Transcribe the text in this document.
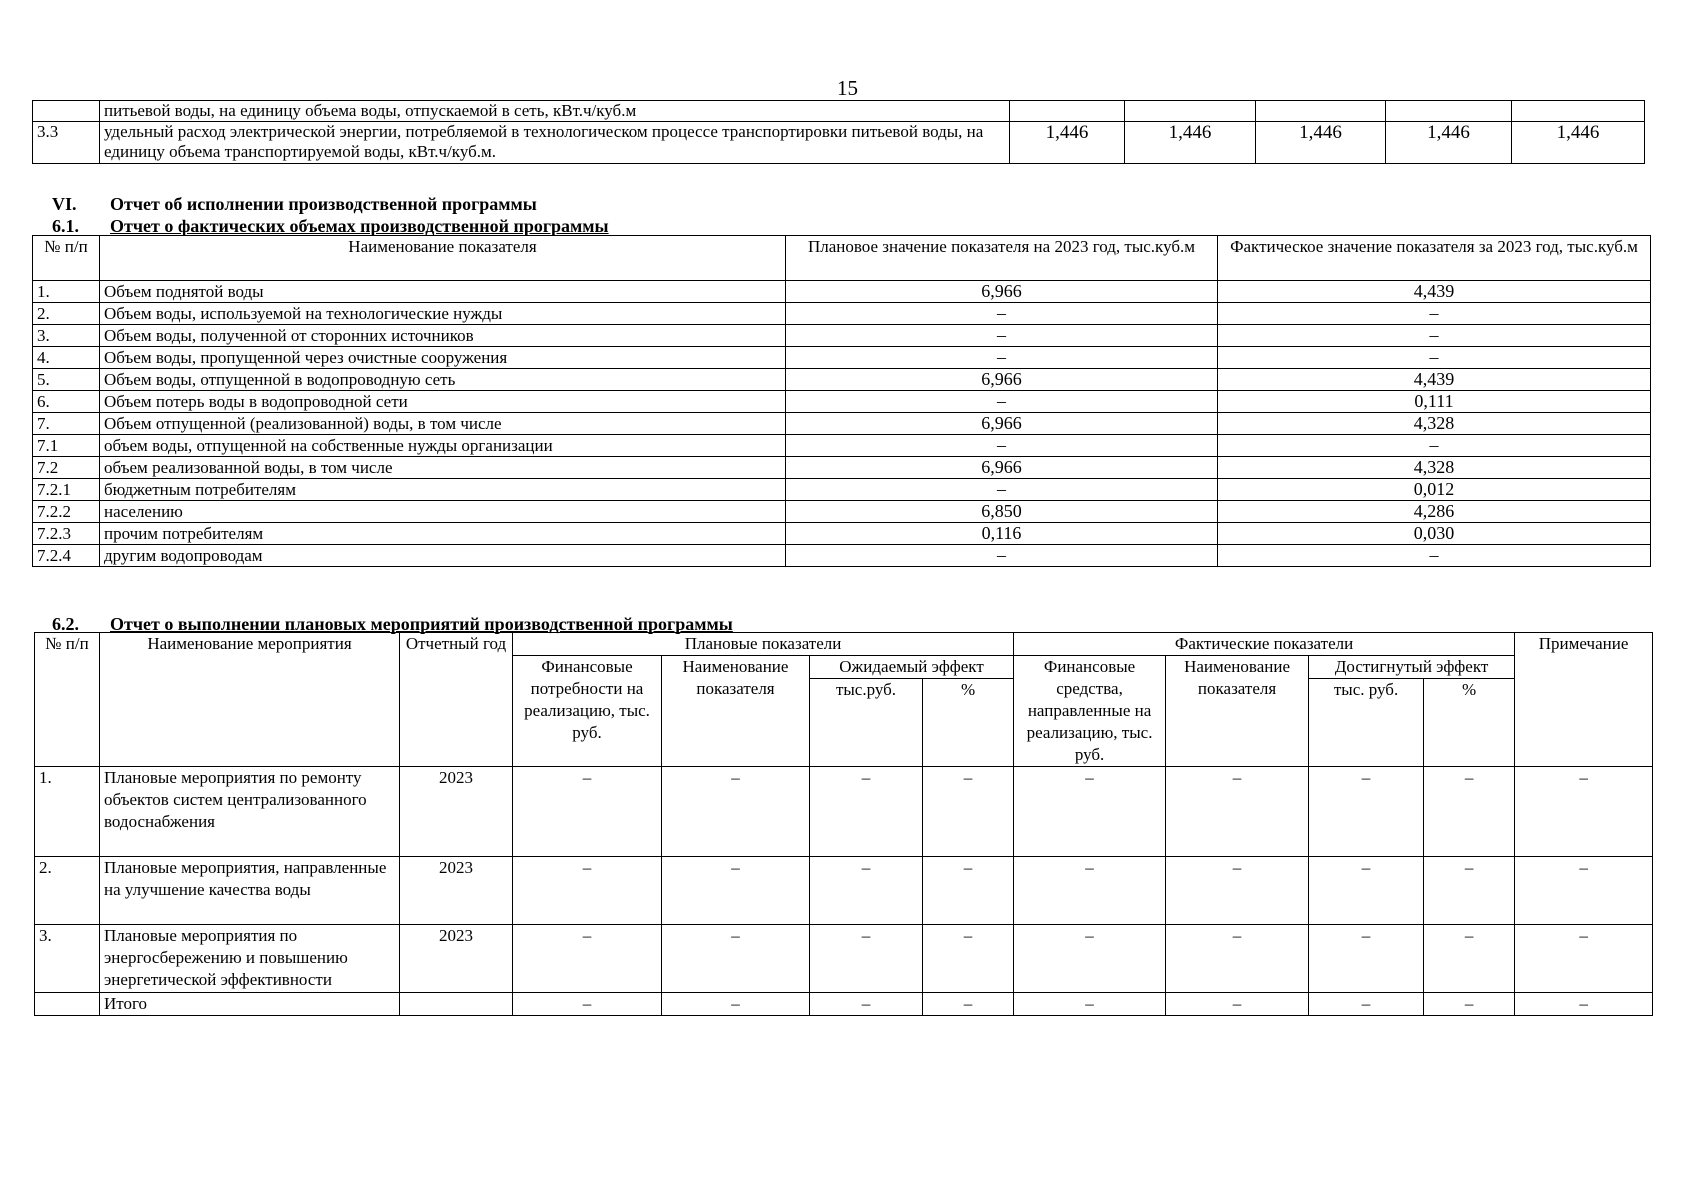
15
	питьевой воды, на единицу объема воды, отпускаемой в сеть, кВт.ч/куб.м					
3.3	удельный расход электрической энергии, потребляемой в технологическом процессе транспортировки питьевой воды, на единицу объема транспортируемой воды, кВт.ч/куб.м.	1,446	1,446	1,446	1,446	1,446
VI. Отчет об исполнении производственной программы
6.1. Отчет о фактических объемах производственной программы
№ п/п	Наименование показателя	Плановое значение показателя на 2023 год, тыс.куб.м	Фактическое значение показателя за 2023 год, тыс.куб.м
1.	Объем поднятой воды	6,966	4,439
2.	Объем воды, используемой на технологические нужды	–	–
3.	Объем воды, полученной от сторонних источников	–	–
4.	Объем воды, пропущенной через очистные сооружения	–	–
5.	Объем воды, отпущенной в водопроводную сеть	6,966	4,439
6.	Объем потерь воды в водопроводной сети	–	0,111
7.	Объем отпущенной (реализованной) воды, в том числе	6,966	4,328
7.1	объем воды, отпущенной на собственные нужды организации	–	–
7.2	объем реализованной воды, в том числе	6,966	4,328
7.2.1	бюджетным потребителям	–	0,012
7.2.2	населению	6,850	4,286
7.2.3	прочим потребителям	0,116	0,030
7.2.4	другим водопроводам	–	–
6.2. Отчет о выполнении плановых мероприятий производственной программы
№ п/п	Наименование мероприятия	Отчетный год	Плановые показатели				Фактические показатели				Примечание
			Финансовые потребности на реализацию, тыс. руб.	Наименование показателя	Ожидаемый эффект		Финансовые средства, направленные на реализацию, тыс. руб.	Наименование показателя	Достигнутый эффект		
					тыс.руб.	%			тыс. руб.	%	
1.	Плановые мероприятия по ремонту объектов систем централизованного водоснабжения	2023	–	–	–	–	–	–	–	–	–
2.	Плановые мероприятия, направленные на улучшение качества воды	2023	–	–	–	–	–	–	–	–	–
3.	Плановые мероприятия по энергосбережению и повышению энергетической эффективности	2023	–	–	–	–	–	–	–	–	–
	Итого		–	–	–	–	–	–	–	–	–
